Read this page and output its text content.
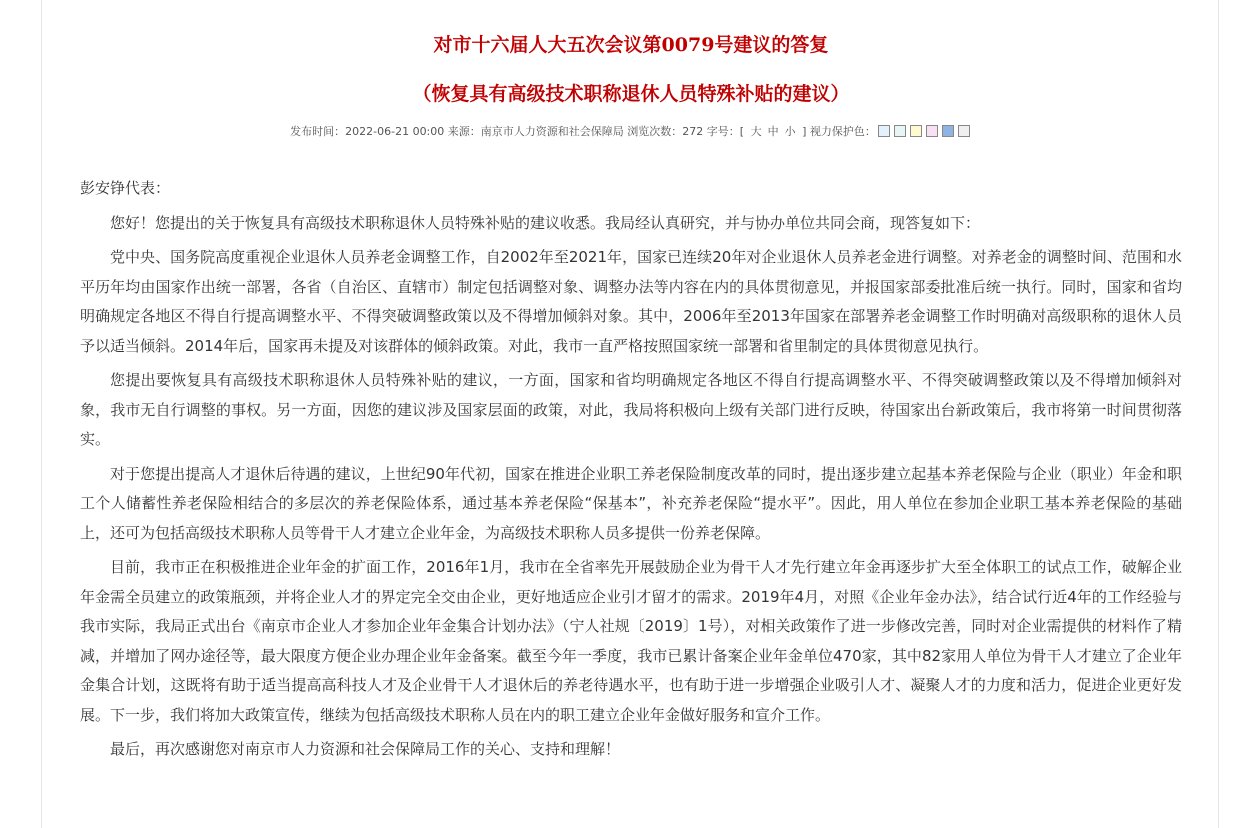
对市十六届人大五次会议第0079号建议的答复
（恢复具有高级技术职称退休人员特殊补贴的建议）
发布时间：2022-06-21 00:00 来源：南京市人力资源和社会保障局 浏览次数：272 字号：[ 大 中 小 ] 视力保护色：

彭安铮代表：

您好！您提出的关于恢复具有高级技术职称退休人员特殊补贴的建议收悉。我局经认真研究，并与协办单位共同会商，现答复如下：

党中央、国务院高度重视企业退休人员养老金调整工作，自2002年至2021年，国家已连续20年对企业退休人员养老金进行调整。对养老金的调整时间、范围和水平历年均由国家作出统一部署，各省（自治区、直辖市）制定包括调整对象、调整办法等内容在内的具体贯彻意见，并报国家部委批准后统一执行。同时，国家和省均明确规定各地区不得自行提高调整水平、不得突破调整政策以及不得增加倾斜对象。其中，2006年至2013年国家在部署养老金调整工作时明确对高级职称的退休人员予以适当倾斜。2014年后，国家再未提及对该群体的倾斜政策。对此，我市一直严格按照国家统一部署和省里制定的具体贯彻意见执行。

您提出要恢复具有高级技术职称退休人员特殊补贴的建议，一方面，国家和省均明确规定各地区不得自行提高调整水平、不得突破调整政策以及不得增加倾斜对象，我市无自行调整的事权。另一方面，因您的建议涉及国家层面的政策，对此，我局将积极向上级有关部门进行反映，待国家出台新政策后，我市将第一时间贯彻落实。

对于您提出提高人才退休后待遇的建议，上世纪90年代初，国家在推进企业职工养老保险制度改革的同时，提出逐步建立起基本养老保险与企业（职业）年金和职工个人储蓄性养老保险相结合的多层次的养老保险体系，通过基本养老保险“保基本”，补充养老保险“提水平”。因此，用人单位在参加企业职工基本养老保险的基础上，还可为包括高级技术职称人员等骨干人才建立企业年金，为高级技术职称人员多提供一份养老保障。

目前，我市正在积极推进企业年金的扩面工作，2016年1月，我市在全省率先开展鼓励企业为骨干人才先行建立年金再逐步扩大至全体职工的试点工作，破解企业年金需全员建立的政策瓶颈，并将企业人才的界定完全交由企业，更好地适应企业引才留才的需求。2019年4月，对照《企业年金办法》，结合试行近4年的工作经验与我市实际，我局正式出台《南京市企业人才参加企业年金集合计划办法》（宁人社规〔2019〕1号），对相关政策作了进一步修改完善，同时对企业需提供的材料作了精减，并增加了网办途径等，最大限度方便企业办理企业年金备案。截至今年一季度，我市已累计备案企业年金单位470家，其中82家用人单位为骨干人才建立了企业年金集合计划，这既将有助于适当提高高科技人才及企业骨干人才退休后的养老待遇水平，也有助于进一步增强企业吸引人才、凝聚人才的力度和活力，促进企业更好发展。下一步，我们将加大政策宣传，继续为包括高级技术职称人员在内的职工建立企业年金做好服务和宣介工作。

最后，再次感谢您对南京市人力资源和社会保障局工作的关心、支持和理解！
